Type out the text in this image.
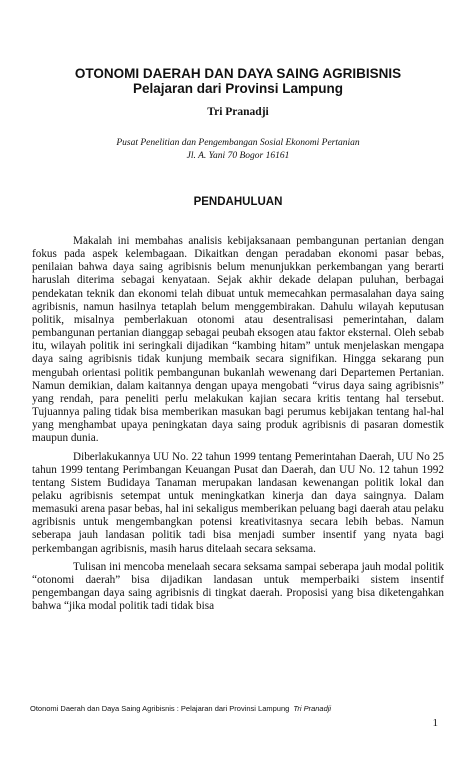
OTONOMI DAERAH DAN DAYA SAING AGRIBISNIS
Pelajaran dari Provinsi Lampung

Tri Pranadji

Pusat Penelitian dan Pengembangan Sosial Ekonomi Pertanian

Jl. A. Yani 70 Bogor 16161

PENDAHULUAN

Makalah ini membahas analisis kebijaksanaan pembangunan pertanian dengan fokus pada aspek kelembagaan. Dikaitkan dengan peradaban ekonomi pasar bebas, penilaian bahwa daya saing agribisnis belum menunjukkan perkembangan yang berarti haruslah diterima sebagai kenyataan. Sejak akhir dekade delapan puluhan, berbagai pendekatan teknik dan ekonomi telah dibuat untuk memecahkan permasalahan daya saing agribisnis, namun hasilnya tetaplah belum menggembirakan. Dahulu wilayah keputusan politik, misalnya pemberlakuan otonomi atau desentralisasi pemerintahan, dalam pembangunan pertanian dianggap sebagai peubah eksogen atau faktor eksternal. Oleh sebab itu, wilayah politik ini seringkali dijadikan “kambing hitam” untuk menjelaskan mengapa daya saing agribisnis tidak kunjung membaik secara signifikan. Hingga sekarang pun mengubah orientasi politik pembangunan bukanlah wewenang dari Departemen Pertanian. Namun demikian, dalam kaitannya dengan upaya mengobati “virus daya saing agribisnis” yang rendah, para peneliti perlu melakukan kajian secara kritis tentang hal tersebut. Tujuannya paling tidak bisa memberikan masukan bagi perumus kebijakan tentang hal-hal yang menghambat upaya peningkatan daya saing produk agribisnis di pasaran domestik maupun dunia.

Diberlakukannya UU No. 22 tahun 1999 tentang Pemerintahan Daerah, UU No 25 tahun 1999 tentang Perimbangan Keuangan Pusat dan Daerah, dan UU No. 12 tahun 1992 tentang Sistem Budidaya Tanaman merupakan landasan kewenangan politik lokal dan pelaku agribisnis setempat untuk meningkatkan kinerja dan daya saingnya. Dalam memasuki arena pasar bebas, hal ini sekaligus memberikan peluang bagi daerah atau pelaku agribisnis untuk mengembangkan potensi kreativitasnya secara lebih bebas. Namun seberapa jauh landasan politik tadi bisa menjadi sumber insentif yang nyata bagi perkembangan agribisnis, masih harus ditelaah secara seksama.

Tulisan ini mencoba menelaah secara seksama sampai seberapa jauh modal politik “otonomi daerah” bisa dijadikan landasan untuk memperbaiki sistem insentif pengembangan daya saing agribisnis di tingkat daerah. Proposisi yang bisa diketengahkan bahwa “jika modal politik tadi tidak bisa

Otonomi Daerah dan Daya Saing Agribisnis : Pelajaran dari Provinsi Lampung Tri Pranadji
1
